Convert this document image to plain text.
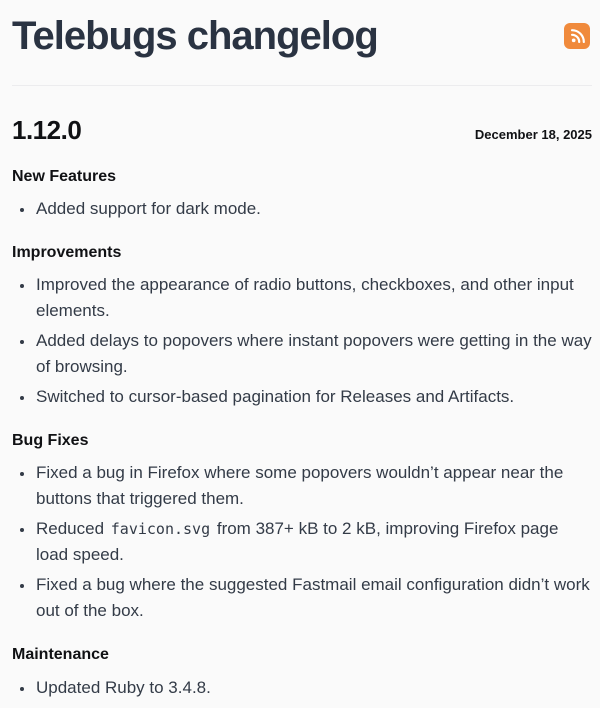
Telebugs changelog
1.12.0	December 18, 2025
New Features
• Added support for dark mode.
Improvements
• Improved the appearance of radio buttons, checkboxes, and other input elements.
• Added delays to popovers where instant popovers were getting in the way of browsing.
• Switched to cursor-based pagination for Releases and Artifacts.
Bug Fixes
• Fixed a bug in Firefox where some popovers wouldn’t appear near the buttons that triggered them.
• Reduced favicon.svg from 387+ kB to 2 kB, improving Firefox page load speed.
• Fixed a bug where the suggested Fastmail email configuration didn’t work out of the box.
Maintenance
• Updated Ruby to 3.4.8.
